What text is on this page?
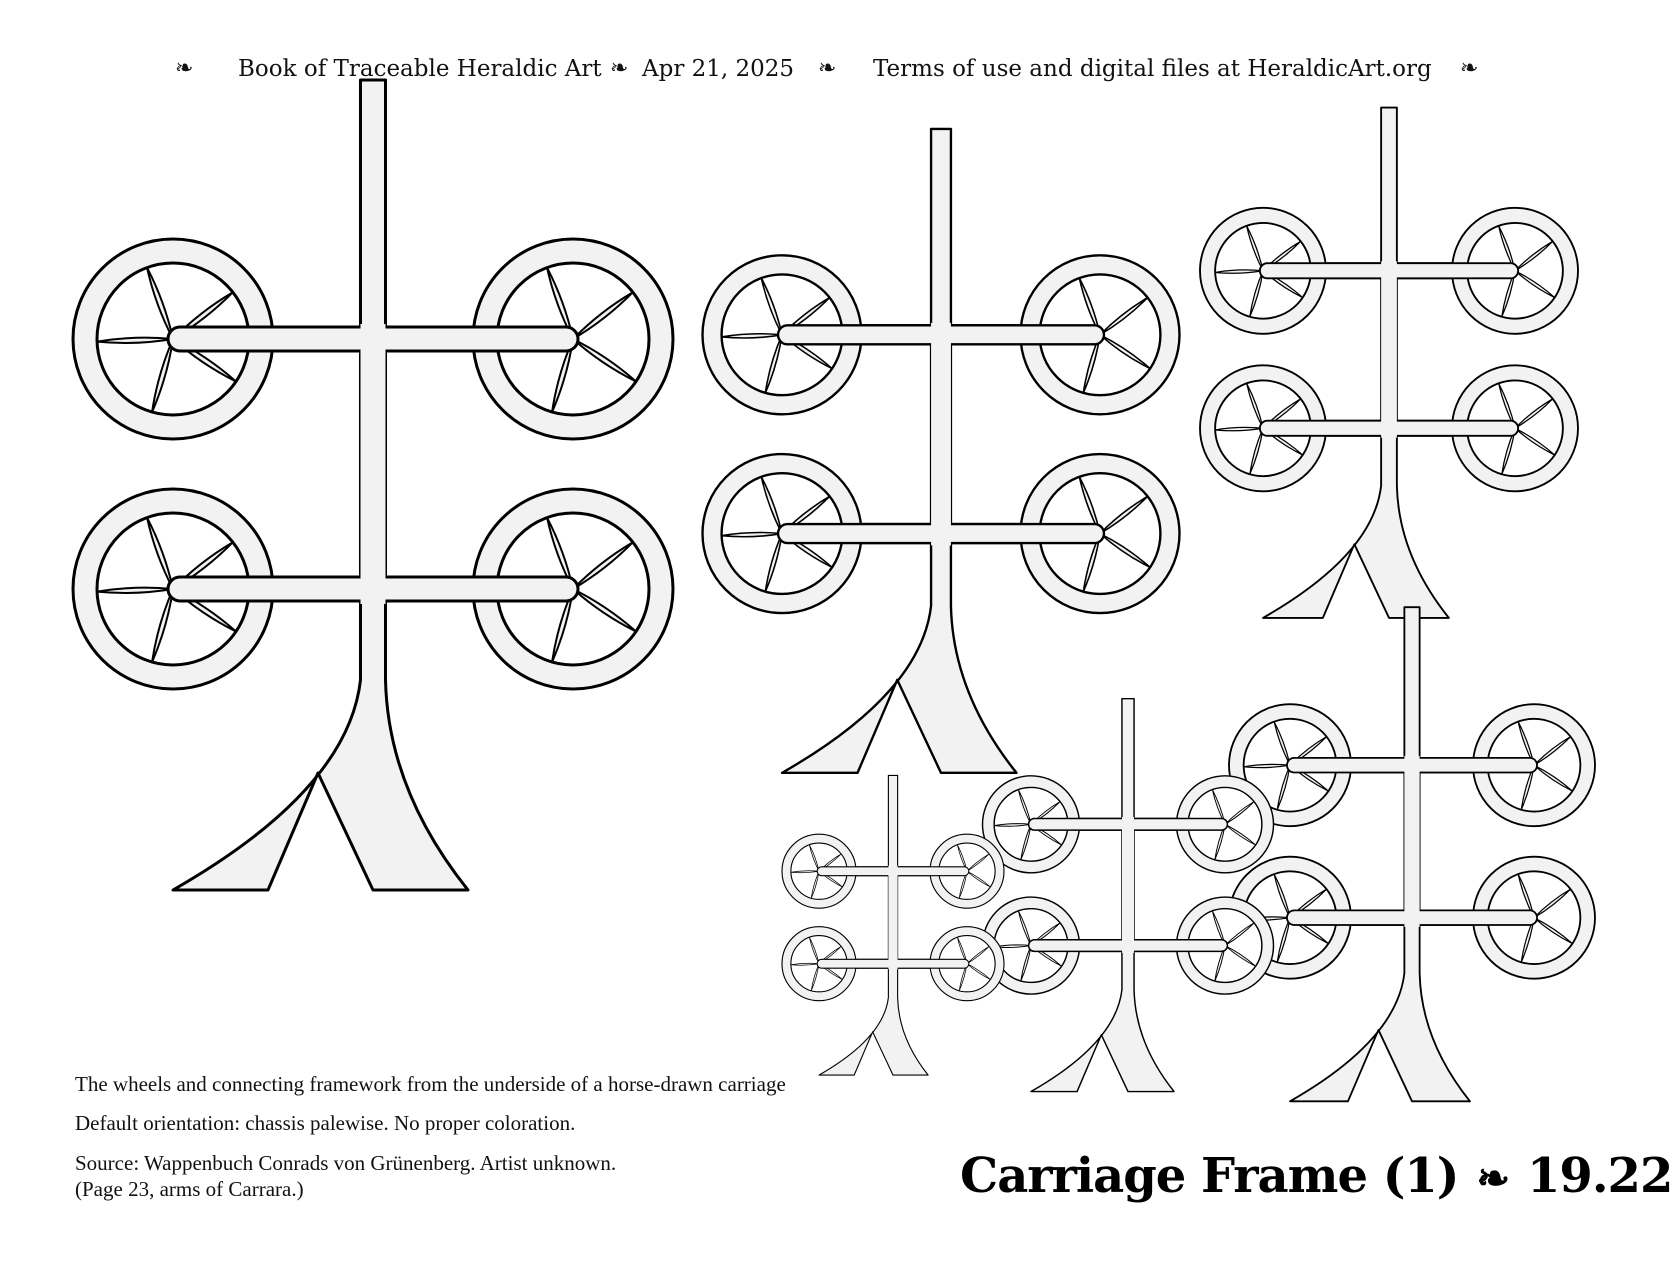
❧ Book of Traceable Heraldic Art ❧ Apr 21, 2025 ❧ Terms of use and digital files at HeraldicArt.org ❧
The wheels and connecting framework from the underside of a horse-drawn carriage
Default orientation: chassis palewise. No proper coloration.
Source: Wappenbuch Conrads von Grünenberg. Artist unknown.
(Page 23, arms of Carrara.)	Carriage Frame (1) ❧ 19.22
